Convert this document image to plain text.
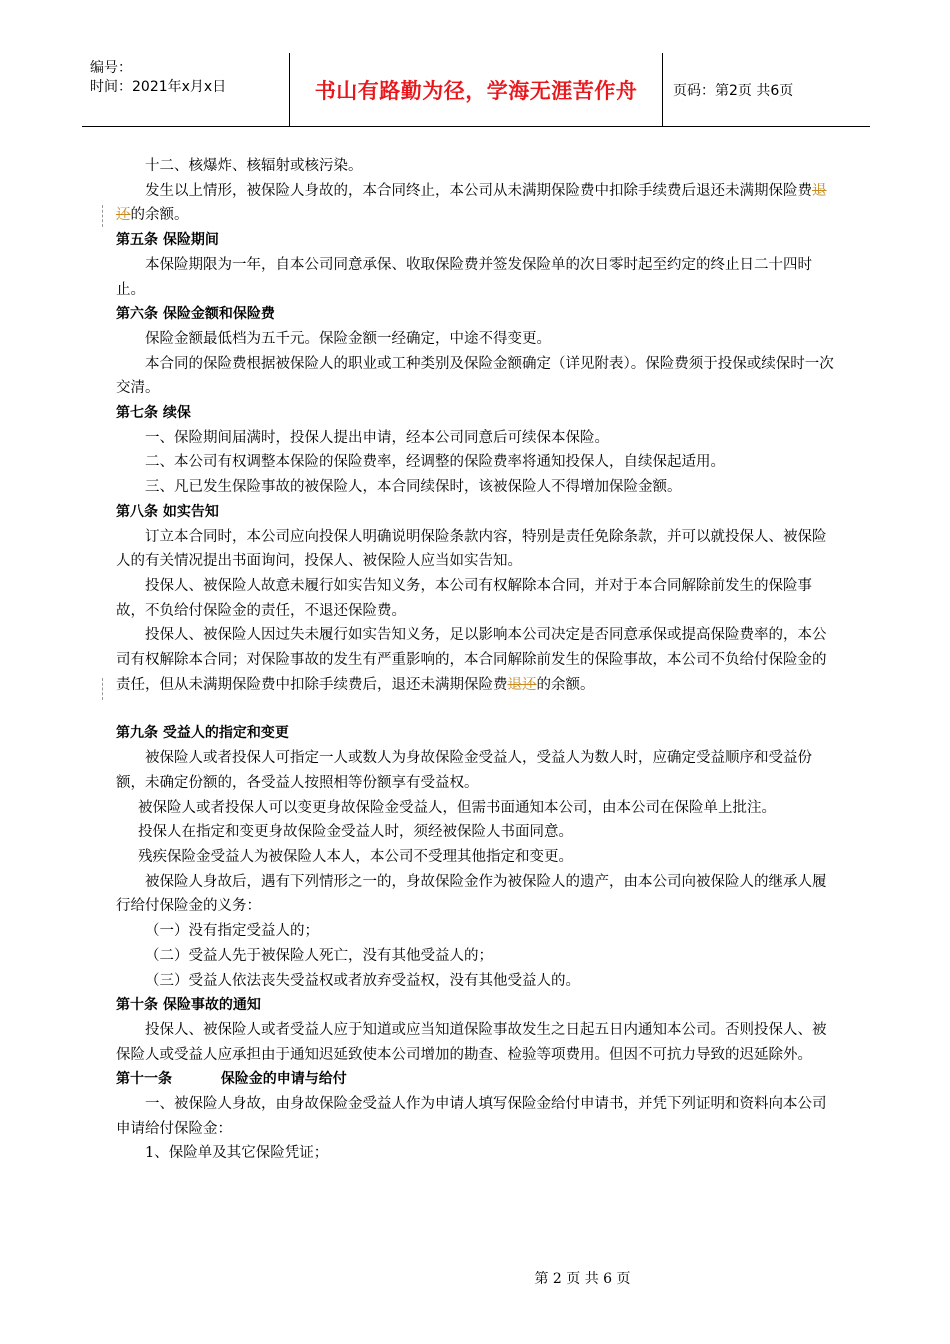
编号：
时间：2021年x月x日	书山有路勤为径，学海无涯苦作舟	页码：第2页 共6页

十二、核爆炸、核辐射或核污染。

发生以上情形，被保险人身故的，本合同终止，本公司从未满期保险费中扣除手续费后退还未满期保险费退还的余额。

第五条 保险期间

本保险期限为一年，自本公司同意承保、收取保险费并签发保险单的次日零时起至约定的终止日二十四时止。

第六条 保险金额和保险费

保险金额最低档为五千元。保险金额一经确定，中途不得变更。

本合同的保险费根据被保险人的职业或工种类别及保险金额确定（详见附表）。保险费须于投保或续保时一次交清。

第七条 续保

一、保险期间届满时，投保人提出申请，经本公司同意后可续保本保险。

二、本公司有权调整本保险的保险费率，经调整的保险费率将通知投保人，自续保起适用。

三、凡已发生保险事故的被保险人，本合同续保时，该被保险人不得增加保险金额。

第八条 如实告知

订立本合同时，本公司应向投保人明确说明保险条款内容，特别是责任免除条款，并可以就投保人、被保险人的有关情况提出书面询问，投保人、被保险人应当如实告知。

投保人、被保险人故意未履行如实告知义务，本公司有权解除本合同，并对于本合同解除前发生的保险事故，不负给付保险金的责任，不退还保险费。

投保人、被保险人因过失未履行如实告知义务，足以影响本公司决定是否同意承保或提高保险费率的，本公司有权解除本合同；对保险事故的发生有严重影响的，本合同解除前发生的保险事故，本公司不负给付保险金的责任，但从未满期保险费中扣除手续费后，退还未满期保险费退还的余额。

第九条 受益人的指定和变更

被保险人或者投保人可指定一人或数人为身故保险金受益人，受益人为数人时，应确定受益顺序和受益份额，未确定份额的，各受益人按照相等份额享有受益权。

被保险人或者投保人可以变更身故保险金受益人，但需书面通知本公司，由本公司在保险单上批注。

投保人在指定和变更身故保险金受益人时，须经被保险人书面同意。

残疾保险金受益人为被保险人本人，本公司不受理其他指定和变更。

被保险人身故后，遇有下列情形之一的，身故保险金作为被保险人的遗产，由本公司向被保险人的继承人履行给付保险金的义务：

（一）没有指定受益人的；

（二）受益人先于被保险人死亡，没有其他受益人的；

（三）受益人依法丧失受益权或者放弃受益权，没有其他受益人的。

第十条 保险事故的通知

投保人、被保险人或者受益人应于知道或应当知道保险事故发生之日起五日内通知本公司。否则投保人、被保险人或受益人应承担由于通知迟延致使本公司增加的勘查、检验等项费用。但因不可抗力导致的迟延除外。

第十一条          保险金的申请与给付

一、被保险人身故，由身故保险金受益人作为申请人填写保险金给付申请书，并凭下列证明和资料向本公司申请给付保险金：

1、保险单及其它保险凭证；

第 2 页 共 6 页
